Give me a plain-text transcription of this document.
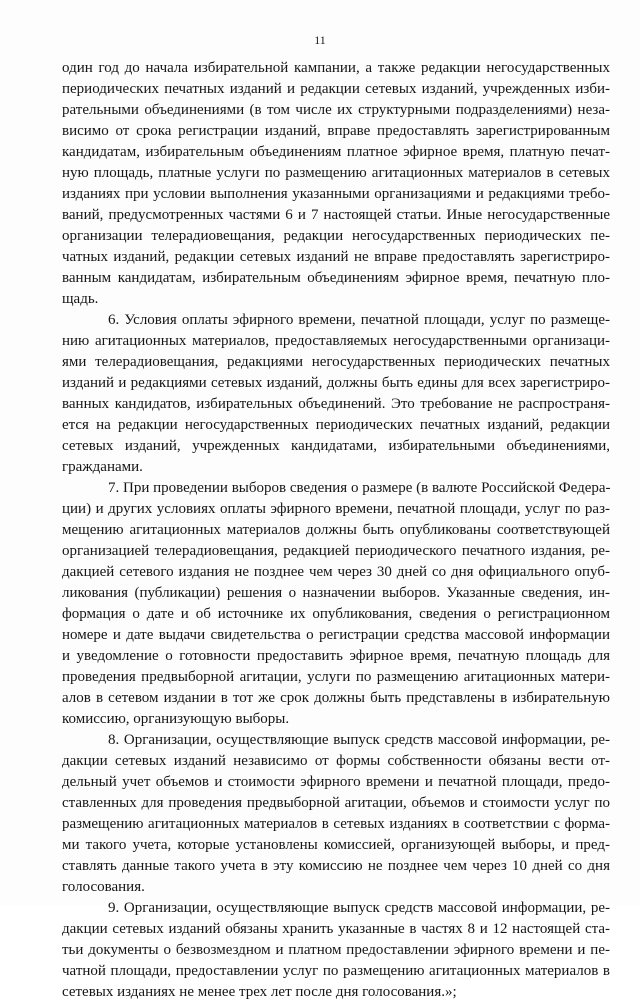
11
один год до начала избирательной кампании, а также редакции негосударственных
периодических печатных изданий и редакции сетевых изданий, учрежденных изби-
рательными объединениями (в том числе их структурными подразделениями) неза-
висимо от срока регистрации изданий, вправе предоставлять зарегистрированным
кандидатам, избирательным объединениям платное эфирное время, платную печат-
ную площадь, платные услуги по размещению агитационных материалов в сетевых
изданиях при условии выполнения указанными организациями и редакциями требо-
ваний, предусмотренных частями 6 и 7 настоящей статьи. Иные негосударственные
организации телерадиовещания, редакции негосударственных периодических пе-
чатных изданий, редакции сетевых изданий не вправе предоставлять зарегистриро-
ванным кандидатам, избирательным объединениям эфирное время, печатную пло-
щадь.
6. Условия оплаты эфирного времени, печатной площади, услуг по размеще-
нию агитационных материалов, предоставляемых негосударственными организаци-
ями телерадиовещания, редакциями негосударственных периодических печатных
изданий и редакциями сетевых изданий, должны быть едины для всех зарегистриро-
ванных кандидатов, избирательных объединений. Это требование не распространя-
ется на редакции негосударственных периодических печатных изданий, редакции
сетевых изданий, учрежденных кандидатами, избирательными объединениями,
гражданами.
7. При проведении выборов сведения о размере (в валюте Российской Федера-
ции) и других условиях оплаты эфирного времени, печатной площади, услуг по раз-
мещению агитационных материалов должны быть опубликованы соответствующей
организацией телерадиовещания, редакцией периодического печатного издания, ре-
дакцией сетевого издания не позднее чем через 30 дней со дня официального опуб-
ликования (публикации) решения о назначении выборов. Указанные сведения, ин-
формация о дате и об источнике их опубликования, сведения о регистрационном
номере и дате выдачи свидетельства о регистрации средства массовой информации
и уведомление о готовности предоставить эфирное время, печатную площадь для
проведения предвыборной агитации, услуги по размещению агитационных матери-
алов в сетевом издании в тот же срок должны быть представлены в избирательную
комиссию, организующую выборы.
8. Организации, осуществляющие выпуск средств массовой информации, ре-
дакции сетевых изданий независимо от формы собственности обязаны вести от-
дельный учет объемов и стоимости эфирного времени и печатной площади, предо-
ставленных для проведения предвыборной агитации, объемов и стоимости услуг по
размещению агитационных материалов в сетевых изданиях в соответствии с форма-
ми такого учета, которые установлены комиссией, организующей выборы, и пред-
ставлять данные такого учета в эту комиссию не позднее чем через 10 дней со дня
голосования.
9. Организации, осуществляющие выпуск средств массовой информации, ре-
дакции сетевых изданий обязаны хранить указанные в частях 8 и 12 настоящей ста-
тьи документы о безвозмездном и платном предоставлении эфирного времени и пе-
чатной площади, предоставлении услуг по размещению агитационных материалов в
сетевых изданиях не менее трех лет после дня голосования.»;
